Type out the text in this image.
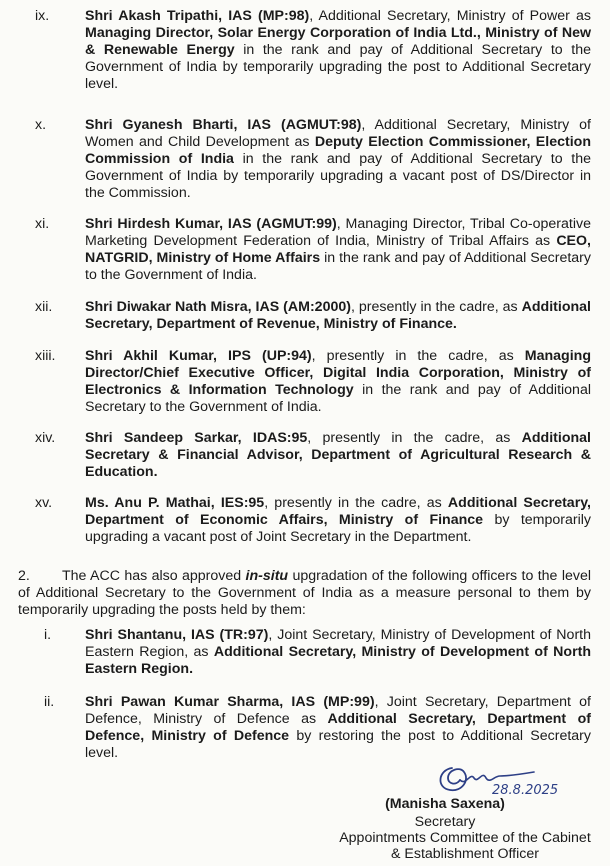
ix.	Shri Akash Tripathi, IAS (MP:98), Additional Secretary, Ministry of Power as Managing Director, Solar Energy Corporation of India Ltd., Ministry of New & Renewable Energy in the rank and pay of Additional Secretary to the Government of India by temporarily upgrading the post to Additional Secretary level.
x.	Shri Gyanesh Bharti, IAS (AGMUT:98), Additional Secretary, Ministry of Women and Child Development as Deputy Election Commissioner, Election Commission of India in the rank and pay of Additional Secretary to the Government of India by temporarily upgrading a vacant post of DS/Director in the Commission.
xi.	Shri Hirdesh Kumar, IAS (AGMUT:99), Managing Director, Tribal Co-operative Marketing Development Federation of India, Ministry of Tribal Affairs as CEO, NATGRID, Ministry of Home Affairs in the rank and pay of Additional Secretary to the Government of India.
xii.	Shri Diwakar Nath Misra, IAS (AM:2000), presently in the cadre, as Additional Secretary, Department of Revenue, Ministry of Finance.
xiii.	Shri Akhil Kumar, IPS (UP:94), presently in the cadre, as Managing Director/Chief Executive Officer, Digital India Corporation, Ministry of Electronics & Information Technology in the rank and pay of Additional Secretary to the Government of India.
xiv.	Shri Sandeep Sarkar, IDAS:95, presently in the cadre, as Additional Secretary & Financial Advisor, Department of Agricultural Research & Education.
xv.	Ms. Anu P. Mathai, IES:95, presently in the cadre, as Additional Secretary, Department of Economic Affairs, Ministry of Finance by temporarily upgrading a vacant post of Joint Secretary in the Department.
2. The ACC has also approved in-situ upgradation of the following officers to the level of Additional Secretary to the Government of India as a measure personal to them by temporarily upgrading the posts held by them:
i.	Shri Shantanu, IAS (TR:97), Joint Secretary, Ministry of Development of North Eastern Region, as Additional Secretary, Ministry of Development of North Eastern Region.
ii.	Shri Pawan Kumar Sharma, IAS (MP:99), Joint Secretary, Department of Defence, Ministry of Defence as Additional Secretary, Department of Defence, Ministry of Defence by restoring the post to Additional Secretary level.
28.8.2025
(Manisha Saxena)
Secretary
Appointments Committee of the Cabinet
& Establishment Officer
